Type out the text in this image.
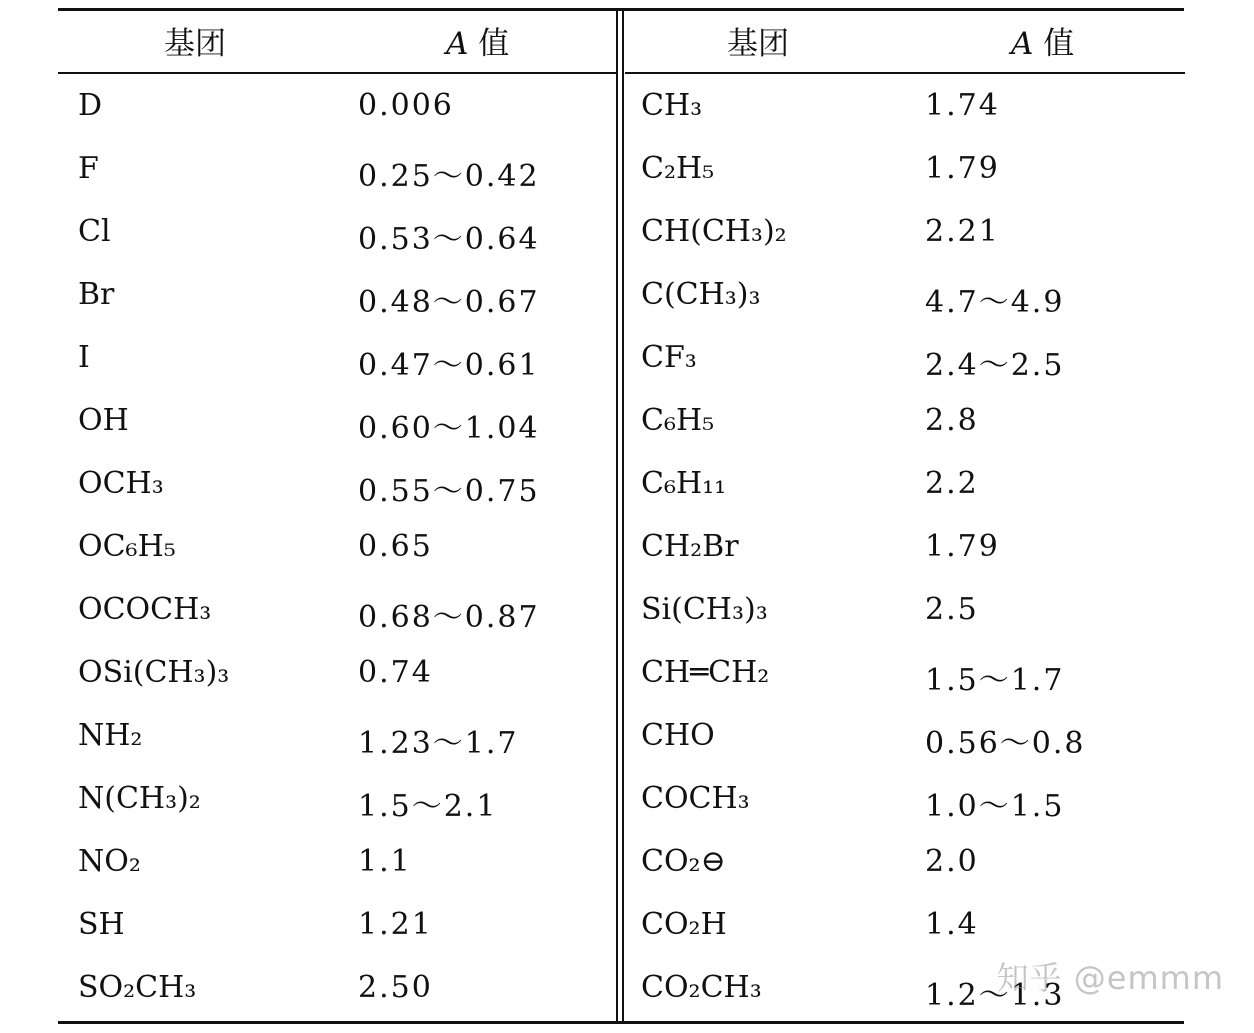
基团	A 值
D	0.006
F	0.25～0.42
Cl	0.53～0.64
Br	0.48～0.67
I	0.47～0.61
OH	0.60～1.04
OCH₃	0.55～0.75
OC₆H₅	0.65
OCOCH₃	0.68～0.87
OSi(CH₃)₃	0.74
NH₂	1.23～1.7
N(CH₃)₂	1.5～2.1
NO₂	1.1
SH	1.21
SO₂CH₃	2.50
基团	A 值
CH₃	1.74
C₂H₅	1.79
CH(CH₃)₂	2.21
C(CH₃)₃	4.7～4.9
CF₃	2.4～2.5
C₆H₅	2.8
C₆H₁₁	2.2
CH₂Br	1.79
Si(CH₃)₃	2.5
CH═CH₂	1.5～1.7
CHO	0.56～0.8
COCH₃	1.0～1.5
CO₂⊖	2.0
CO₂H	1.4
CO₂CH₃	1.2～1.3
知乎 @emmm
